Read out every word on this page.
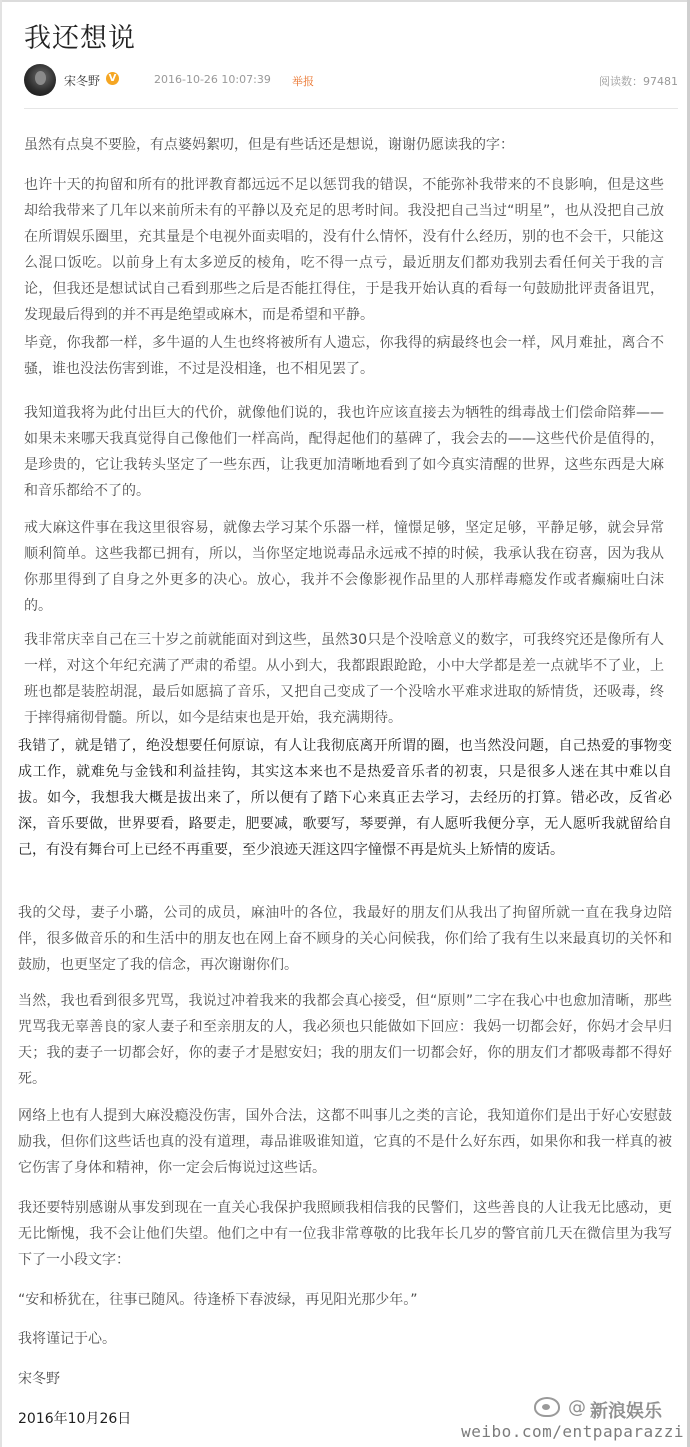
我还想说
宋冬野 V	2016-10-26 10:07:39 举报	阅读数：97481

虽然有点臭不要脸，有点婆妈絮叨，但是有些话还是想说，谢谢仍愿读我的字：

也许十天的拘留和所有的批评教育都远远不足以惩罚我的错误，不能弥补我带来的不良影响，但是这些却给我带来了几年以来前所未有的平静以及充足的思考时间。我没把自己当过“明星”，也从没把自己放在所谓娱乐圈里，充其量是个电视外面卖唱的，没有什么情怀，没有什么经历，别的也不会干，只能这么混口饭吃。以前身上有太多逆反的棱角，吃不得一点亏，最近朋友们都劝我别去看任何关于我的言论，但我还是想试试自己看到那些之后是否能扛得住，于是我开始认真的看每一句鼓励批评责备诅咒，发现最后得到的并不再是绝望或麻木，而是希望和平静。

毕竟，你我都一样，多牛逼的人生也终将被所有人遗忘，你我得的病最终也会一样，风月难扯，离合不骚，谁也没法伤害到谁，不过是没相逢，也不相见罢了。

我知道我将为此付出巨大的代价，就像他们说的，我也许应该直接去为牺牲的缉毒战士们偿命陪葬——如果未来哪天我真觉得自己像他们一样高尚，配得起他们的墓碑了，我会去的——这些代价是值得的，是珍贵的，它让我转头坚定了一些东西，让我更加清晰地看到了如今真实清醒的世界，这些东西是大麻和音乐都给不了的。

戒大麻这件事在我这里很容易，就像去学习某个乐器一样，憧憬足够，坚定足够，平静足够，就会异常顺利简单。这些我都已拥有，所以，当你坚定地说毒品永远戒不掉的时候，我承认我在窃喜，因为我从你那里得到了自身之外更多的决心。放心，我并不会像影视作品里的人那样毒瘾发作或者癫痫吐白沫的。

我非常庆幸自己在三十岁之前就能面对到这些，虽然30只是个没啥意义的数字，可我终究还是像所有人一样，对这个年纪充满了严肃的希望。从小到大，我都跟跟跄跄，小中大学都是差一点就毕不了业，上班也都是装腔胡混，最后如愿搞了音乐，又把自己变成了一个没啥水平难求进取的矫情货，还吸毒，终于摔得痛彻骨髓。所以，如今是结束也是开始，我充满期待。

我错了，就是错了，绝没想要任何原谅，有人让我彻底离开所谓的圈，也当然没问题，自己热爱的事物变成工作，就难免与金钱和利益挂钩，其实这本来也不是热爱音乐者的初衷，只是很多人迷在其中难以自拔。如今，我想我大概是拔出来了，所以便有了踏下心来真正去学习，去经历的打算。错必改，反省必深，音乐要做，世界要看，路要走，肥要减，歌要写，琴要弹，有人愿听我便分享，无人愿听我就留给自己，有没有舞台可上已经不再重要，至少浪迹天涯这四字憧憬不再是炕头上矫情的废话。

我的父母，妻子小璐，公司的成员，麻油叶的各位，我最好的朋友们从我出了拘留所就一直在我身边陪伴，很多做音乐的和生活中的朋友也在网上奋不顾身的关心问候我，你们给了我有生以来最真切的关怀和鼓励，也更坚定了我的信念，再次谢谢你们。

当然，我也看到很多咒骂，我说过冲着我来的我都会真心接受，但“原则”二字在我心中也愈加清晰，那些咒骂我无辜善良的家人妻子和至亲朋友的人，我必须也只能做如下回应：我妈一切都会好，你妈才会早归天；我的妻子一切都会好，你的妻子才是慰安妇；我的朋友们一切都会好，你的朋友们才都吸毒都不得好死。

网络上也有人提到大麻没瘾没伤害，国外合法，这都不叫事儿之类的言论，我知道你们是出于好心安慰鼓励我，但你们这些话也真的没有道理，毒品谁吸谁知道，它真的不是什么好东西，如果你和我一样真的被它伤害了身体和精神，你一定会后悔说过这些话。

我还要特别感谢从事发到现在一直关心我保护我照顾我相信我的民警们，这些善良的人让我无比感动，更无比惭愧，我不会让他们失望。他们之中有一位我非常尊敬的比我年长几岁的警官前几天在微信里为我写下了一小段文字：

“安和桥犹在，往事已随风。待逢桥下春波绿，再见阳光那少年。”

我将谨记于心。

宋冬野

2016年10月26日

@ 新浪娱乐
weibo.com/entpaparazzi
